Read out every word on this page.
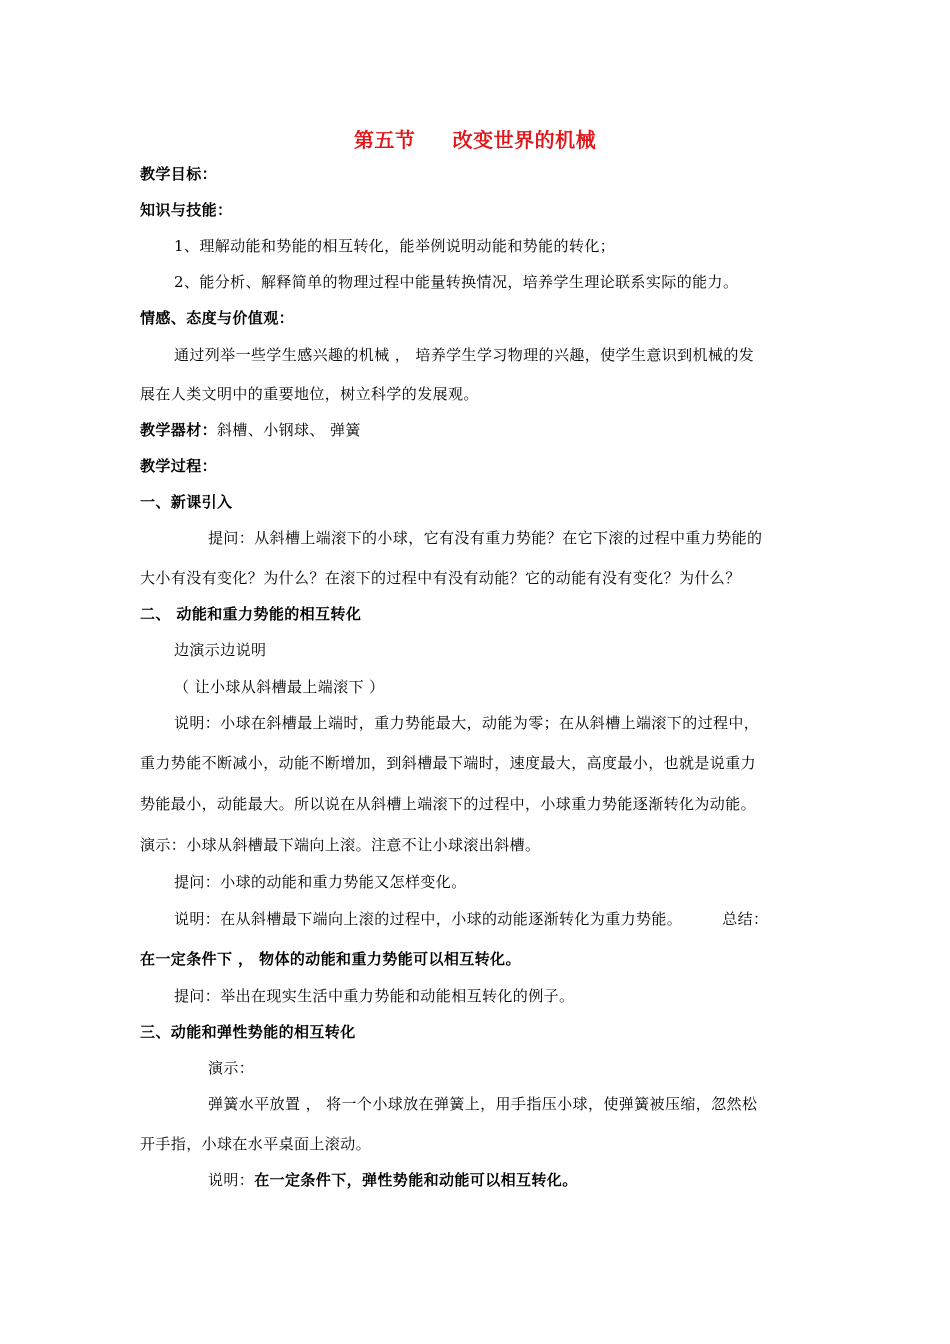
第五节     改变世界的机械
教学目标：
知识与技能：
1、理解动能和势能的相互转化，能举例说明动能和势能的转化；
2、能分析、解释简单的物理过程中能量转换情况，培养学生理论联系实际的能力。
情感、态度与价值观：
通过列举一些学生感兴趣的机械 ， 培养学生学习物理的兴趣，使学生意识到机械的发
展在人类文明中的重要地位，树立科学的发展观。
教学器材：斜槽、小钢球、 弹簧
教学过程：
一、新课引入
提问：从斜槽上端滚下的小球，它有没有重力势能？在它下滚的过程中重力势能的
大小有没有变化？为什么？在滚下的过程中有没有动能？它的动能有没有变化？为什么？
二、 动能和重力势能的相互转化
边演示边说明
（ 让小球从斜槽最上端滚下 ）
说明：小球在斜槽最上端时，重力势能最大，动能为零；在从斜槽上端滚下的过程中，
重力势能不断减小，动能不断增加，到斜槽最下端时，速度最大，高度最小，也就是说重力
势能最小，动能最大。所以说在从斜槽上端滚下的过程中，小球重力势能逐渐转化为动能。
演示：小球从斜槽最下端向上滚。注意不让小球滚出斜槽。
提问：小球的动能和重力势能又怎样变化。
说明：在从斜槽最下端向上滚的过程中，小球的动能逐渐转化为重力势能。	总结：
在一定条件下 ， 物体的动能和重力势能可以相互转化。
提问：举出在现实生活中重力势能和动能相互转化的例子。
三、动能和弹性势能的相互转化
演示：
弹簧水平放置 ， 将一个小球放在弹簧上，用手指压小球，使弹簧被压缩，忽然松
开手指，小球在水平桌面上滚动。
说明：在一定条件下，弹性势能和动能可以相互转化。
